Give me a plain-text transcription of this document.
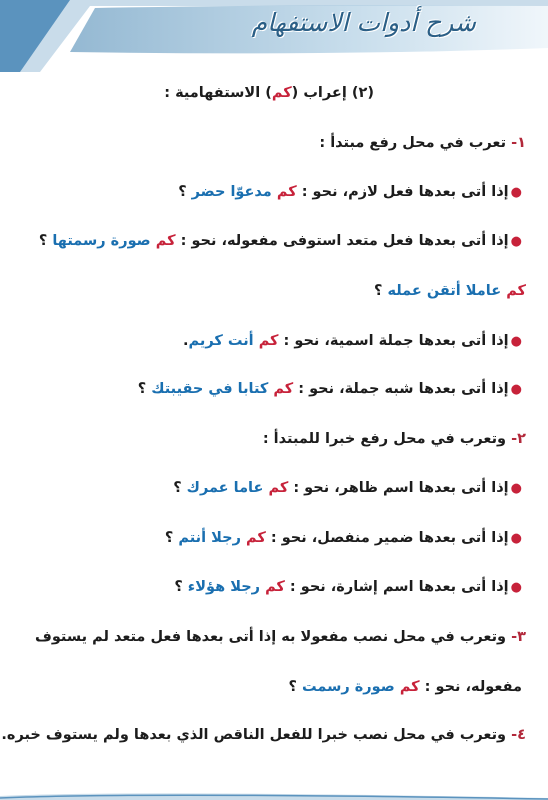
شرح أدوات الاستفهام
(٢) إعراب (كم) الاستفهامية :
١- تعرب في محل رفع مبتدأ :
●إذا أتى بعدها فعل لازم، نحو : كم مدعوّا حضر ؟
●إذا أتى بعدها فعل متعد استوفى مفعوله، نحو : كم صورة رسمتها ؟
كم عاملا أتقن عمله ؟
●إذا أتى بعدها جملة اسمية، نحو : كم أنت كريم.
●إذا أتى بعدها شبه جملة، نحو : كم كتابا في حقيبتك ؟
٢- وتعرب في محل رفع خبرا للمبتدأ :
●إذا أتى بعدها اسم ظاهر، نحو : كم عاما عمرك ؟
●إذا أتى بعدها ضمير منفصل، نحو : كم رجلا أنتم ؟
●إذا أتى بعدها اسم إشارة، نحو : كم رجلا هؤلاء ؟
٣- وتعرب في محل نصب مفعولا به إذا أتى بعدها فعل متعد لم يستوف
مفعوله، نحو : كم صورة رسمت ؟
٤- وتعرب في محل نصب خبرا للفعل الناقص الذي بعدها ولم يستوف خبره.
